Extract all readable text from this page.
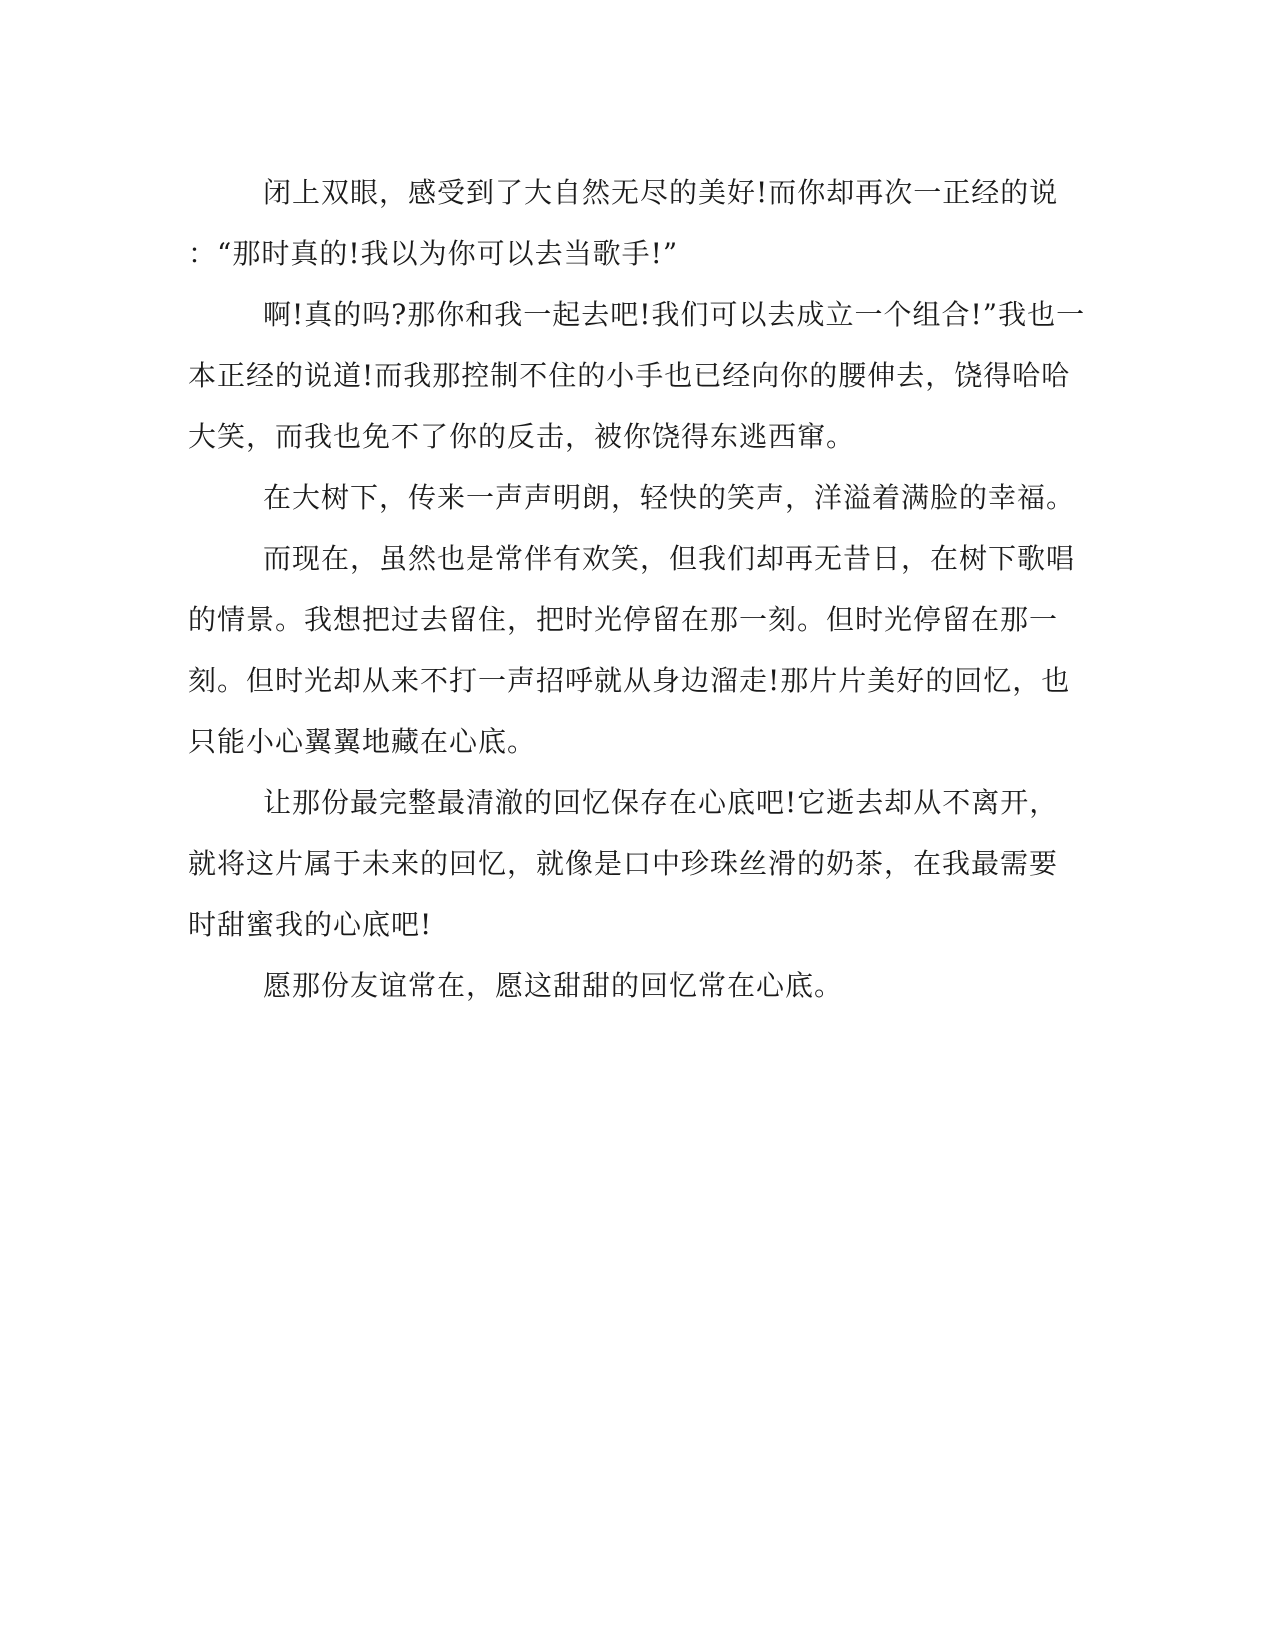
闭上双眼，感受到了大自然无尽的美好!而你却再次一正经的说
：“那时真的!我以为你可以去当歌手!”
啊!真的吗?那你和我一起去吧!我们可以去成立一个组合!”我也一
本正经的说道!而我那控制不住的小手也已经向你的腰伸去，饶得哈哈
大笑，而我也免不了你的反击，被你饶得东逃西窜。
在大树下，传来一声声明朗，轻快的笑声，洋溢着满脸的幸福。
而现在，虽然也是常伴有欢笑，但我们却再无昔日，在树下歌唱
的情景。我想把过去留住，把时光停留在那一刻。但时光停留在那一
刻。但时光却从来不打一声招呼就从身边溜走!那片片美好的回忆，也
只能小心翼翼地藏在心底。
让那份最完整最清澈的回忆保存在心底吧!它逝去却从不离开，
就将这片属于未来的回忆，就像是口中珍珠丝滑的奶茶，在我最需要
时甜蜜我的心底吧!
愿那份友谊常在，愿这甜甜的回忆常在心底。
